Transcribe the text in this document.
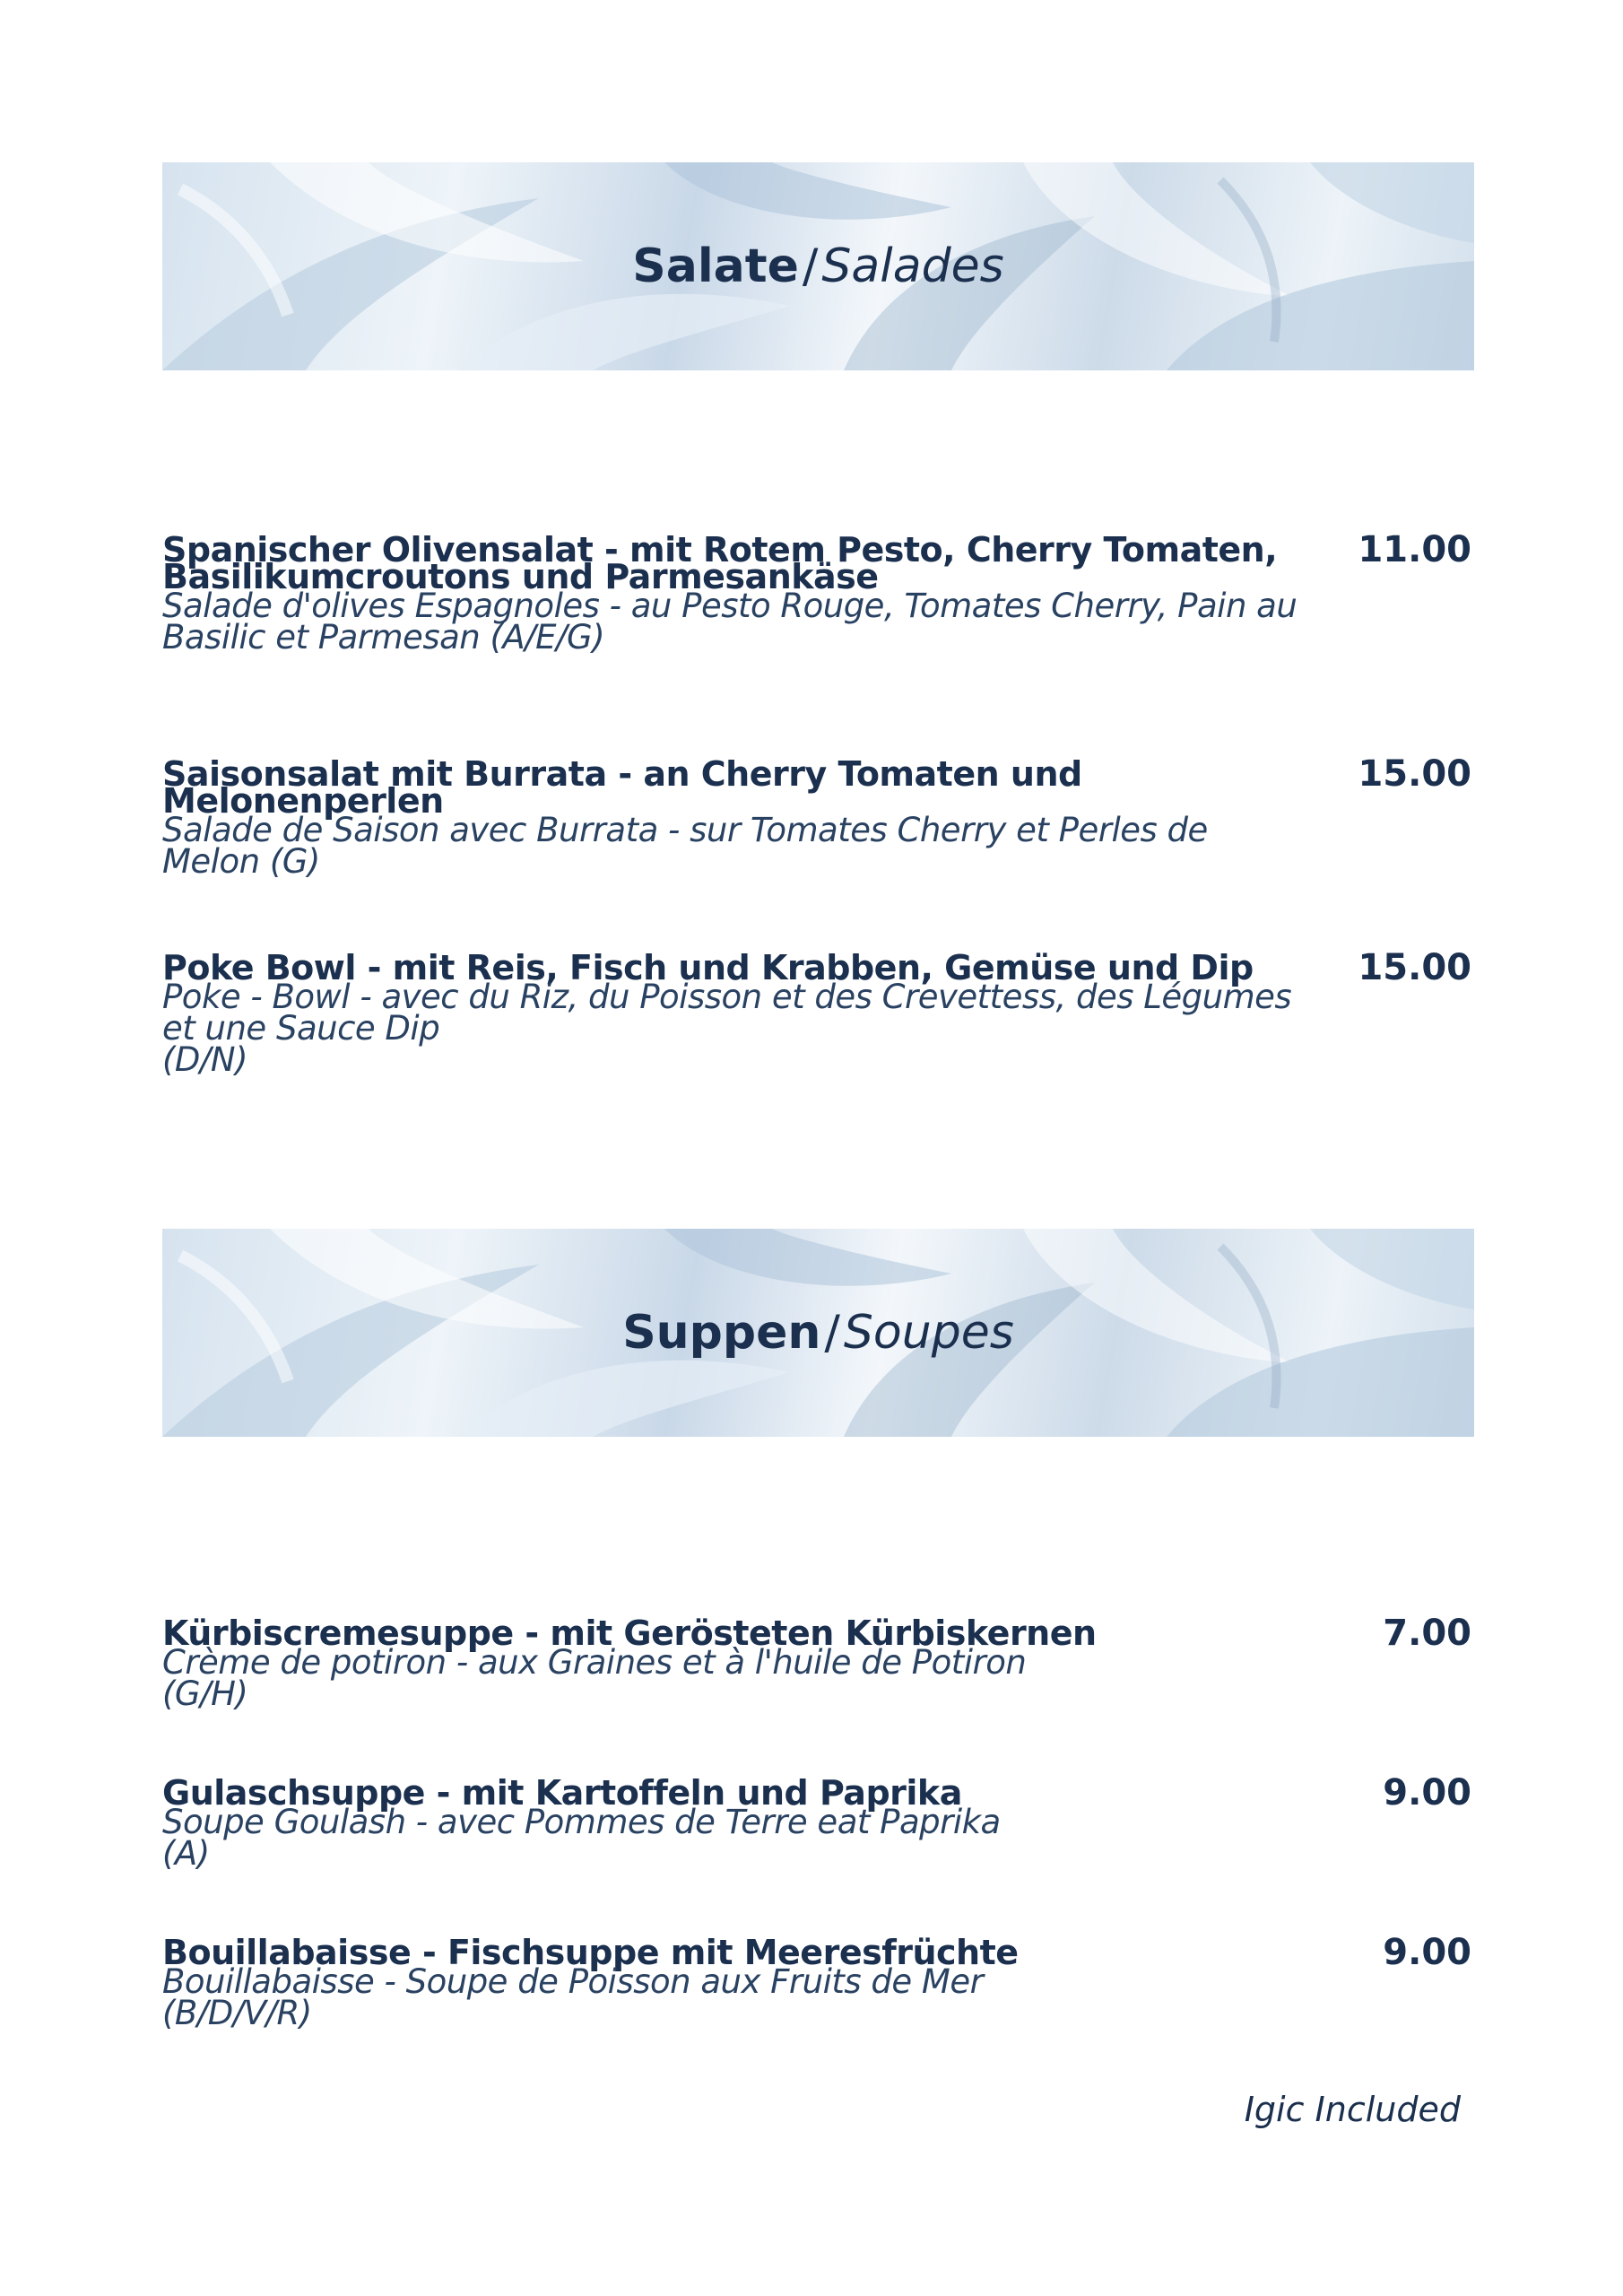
Salate / Salades
Spanischer Olivensalat - mit Rotem Pesto, Cherry Tomaten, Basilikumcroutons und Parmesankäse
Salade d'olives Espagnoles - au Pesto Rouge, Tomates Cherry, Pain au Basilic et Parmesan (A/E/G)
11.00
Saisonsalat mit Burrata - an Cherry Tomaten und Melonenperlen
Salade de Saison avec Burrata - sur Tomates Cherry et Perles de Melon (G)
15.00
Poke Bowl - mit Reis, Fisch und Krabben, Gemüse und Dip
Poke - Bowl - avec du Riz, du Poisson et des Crevettess, des Légumes et une Sauce Dip
(D/N)
15.00
Suppen / Soupes
Kürbiscremesuppe - mit Gerösteten Kürbiskernen
Crème de potiron - aux Graines et à l'huile de Potiron
(G/H)
7.00
Gulaschsuppe - mit Kartoffeln und Paprika
Soupe Goulash - avec Pommes de Terre eat Paprika
(A)
9.00
Bouillabaisse - Fischsuppe mit Meeresfrüchte
Bouillabaisse - Soupe de Poisson aux Fruits de Mer
(B/D/V/R)
9.00
Igic Included
